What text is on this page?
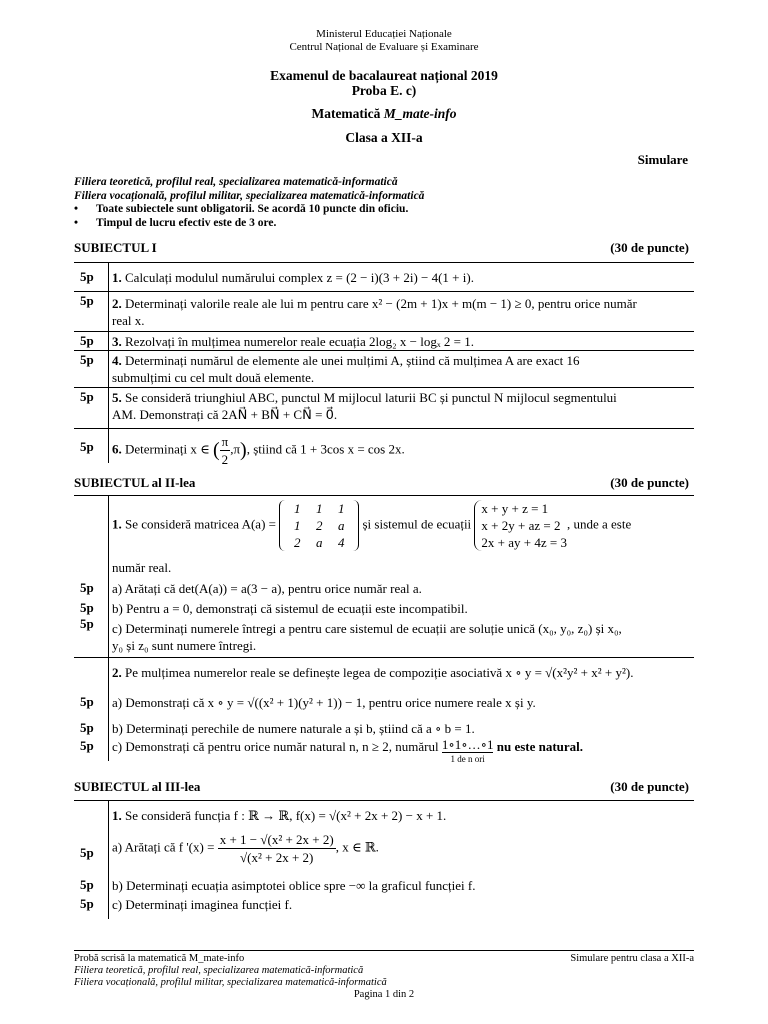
Ministerul Educației Naționale
Centrul Național de Evaluare și Examinare
Examenul de bacalaureat național 2019
Proba E. c)
Matematică M_mate-info
Clasa a XII-a
Simulare
Filiera teoretică, profilul real, specializarea matematică-informatică
Filiera vocațională, profilul militar, specializarea matematică-informatică
•	Toate subiectele sunt obligatorii. Se acordă 10 puncte din oficiu.
•	Timpul de lucru efectiv este de 3 ore.
SUBIECTUL I	(30 de puncte)
5p	1. Calculați modulul numărului complex z = (2 − i)(3 + 2i) − 4(1 + i).
5p	2. Determinați valorile reale ale lui m pentru care x² − (2m + 1)x + m(m − 1) ≥ 0, pentru orice număr
real x.
5p	3. Rezolvați în mulțimea numerelor reale ecuația 2log₂ x − logₓ 2 = 1.
5p	4. Determinați numărul de elemente ale unei mulțimi A, știind că mulțimea A are exact 16
submulțimi cu cel mult două elemente.
5p	5. Se consideră triunghiul ABC, punctul M mijlocul laturii BC și punctul N mijlocul segmentului
AM. Demonstrați că 2AN⃗ + BN⃗ + CN⃗ = 0⃗.
5p	6. Determinați x ∈ ( $\frac{\pi}{2} ,\pi$), știind că 1 + 3cos x = cos 2x.
SUBIECTUL al II-lea	(30 de puncte)
1. Se consideră matricea A(a) = 1 1 1
1 2 a
2 a 4 și sistemul de ecuații x + y + z = 1
x + 2y + az = 2
2x + ay + 4z = 3, unde a este
număr real.
5p	a) Arătați că det(A(a)) = a(3 − a), pentru orice număr real a.
5p	b) Pentru a = 0, demonstrați că sistemul de ecuații este incompatibil.
5p	c) Determinați numerele întregi a pentru care sistemul de ecuații are soluție unică (x₀, y₀, z₀) și x₀,
y₀ și z₀ sunt numere întregi.
2. Pe mulțimea numerelor reale se definește legea de compoziție asociativă x ∘ y = √(x²y² + x² + y²).
5p	a) Demonstrați că x ∘ y = √((x² + 1)(y² + 1)) − 1, pentru orice numere reale x și y.
5p	b) Determinați perechile de numere naturale a și b, știind că a ∘ b = 1.
5p	c) Demonstrați că pentru orice număr natural n, n ≥ 2, numărul 1∘1∘…∘1
1 de n ori nu este natural.
SUBIECTUL al III-lea	(30 de puncte)
1. Se consideră funcția f : ℝ → ℝ, f(x) = √(x² + 2x + 2) − x + 1.
5p	a) Arătați că f '$(x) = \frac{\text{x + 1 − √(x² + 2x + 2)}}{\text{√(x² + 2x + 2)}}$ , x ∈ ℝ.
5p	b) Determinați ecuația asimptotei oblice spre −∞ la graficul funcției f.
5p	c) Determinați imaginea funcției f.
Probă scrisă la matematică M_mate-info	Simulare pentru clasa a XII-a
Filiera teoretică, profilul real, specializarea matematică-informatică
Filiera vocațională, profilul militar, specializarea matematică-informatică
Pagina 1 din 2
